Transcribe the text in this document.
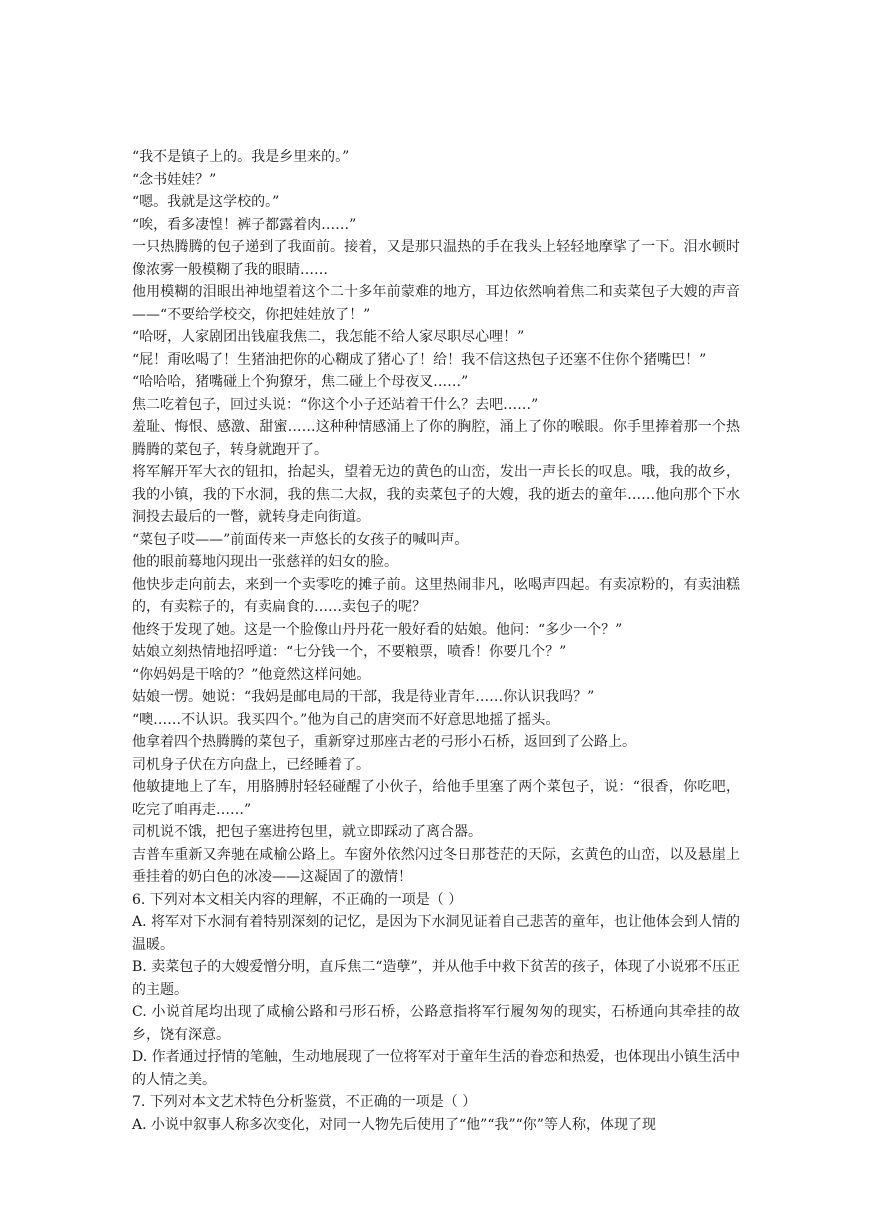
“我不是镇子上的。我是乡里来的。”

“念书娃娃？”

“嗯。我就是这学校的。”

“唉，看多凄惶！裤子都露着肉……”

一只热腾腾的包子递到了我面前。接着，又是那只温热的手在我头上轻轻地摩挲了一下。泪水顿时像浓雾一般模糊了我的眼睛……

他用模糊的泪眼出神地望着这个二十多年前蒙难的地方，耳边依然响着焦二和卖菜包子大嫂的声音——“不要给学校交，你把娃娃放了！”

“哈呀，人家剧团出钱雇我焦二，我怎能不给人家尽职尽心哩！”

“屁！甭吆喝了！生猪油把你的心糊成了猪心了！给！我不信这热包子还塞不住你个猪嘴巴！”

“哈哈哈，猪嘴碰上个狗獠牙，焦二碰上个母夜叉……”

焦二吃着包子，回过头说：“你这个小子还站着干什么？去吧……”

羞耻、悔恨、感激、甜蜜……这种种情感涌上了你的胸腔，涌上了你的喉眼。你手里捧着那一个热腾腾的菜包子，转身就跑开了。

将军解开军大衣的钮扣，抬起头，望着无边的黄色的山峦，发出一声长长的叹息。哦，我的故乡，我的小镇，我的下水洞，我的焦二大叔，我的卖菜包子的大嫂，我的逝去的童年……他向那个下水洞投去最后的一瞥，就转身走向街道。

“菜包子哎——”前面传来一声悠长的女孩子的喊叫声。

他的眼前蓦地闪现出一张慈祥的妇女的脸。

他快步走向前去，来到一个卖零吃的摊子前。这里热闹非凡，吆喝声四起。有卖凉粉的，有卖油糕的，有卖粽子的，有卖扁食的……卖包子的呢？

他终于发现了她。这是一个脸像山丹丹花一般好看的姑娘。他问：“多少一个？”

姑娘立刻热情地招呼道：“七分钱一个，不要粮票，喷香！你要几个？”

“你妈妈是干啥的？”他竟然这样问她。

姑娘一愣。她说：“我妈是邮电局的干部，我是待业青年……你认识我吗？”

“噢……不认识。我买四个。”他为自己的唐突而不好意思地摇了摇头。

他拿着四个热腾腾的菜包子，重新穿过那座古老的弓形小石桥，返回到了公路上。

司机身子伏在方向盘上，已经睡着了。

他敏捷地上了车，用胳膊肘轻轻碰醒了小伙子，给他手里塞了两个菜包子，说：“很香，你吃吧，吃完了咱再走……”

司机说不饿，把包子塞进挎包里，就立即踩动了离合器。

吉普车重新又奔驰在咸榆公路上。车窗外依然闪过冬日那苍茫的天际，玄黄色的山峦，以及悬崖上垂挂着的奶白色的冰凌——这凝固了的激情！

6. 下列对本文相关内容的理解，不正确的一项是（ ）

A. 将军对下水洞有着特别深刻的记忆，是因为下水洞见证着自己悲苦的童年，也让他体会到人情的温暖。

B. 卖菜包子的大嫂爱憎分明，直斥焦二“造孽”，并从他手中救下贫苦的孩子，体现了小说邪不压正的主题。

C. 小说首尾均出现了咸榆公路和弓形石桥，公路意指将军行履匆匆的现实，石桥通向其牵挂的故乡，饶有深意。

D. 作者通过抒情的笔触，生动地展现了一位将军对于童年生活的眷恋和热爱，也体现出小镇生活中的人情之美。

7. 下列对本文艺术特色分析鉴赏，不正确的一项是（ ）

A. 小说中叙事人称多次变化，对同一人物先后使用了“他”“我”“你”等人称，体现了现
